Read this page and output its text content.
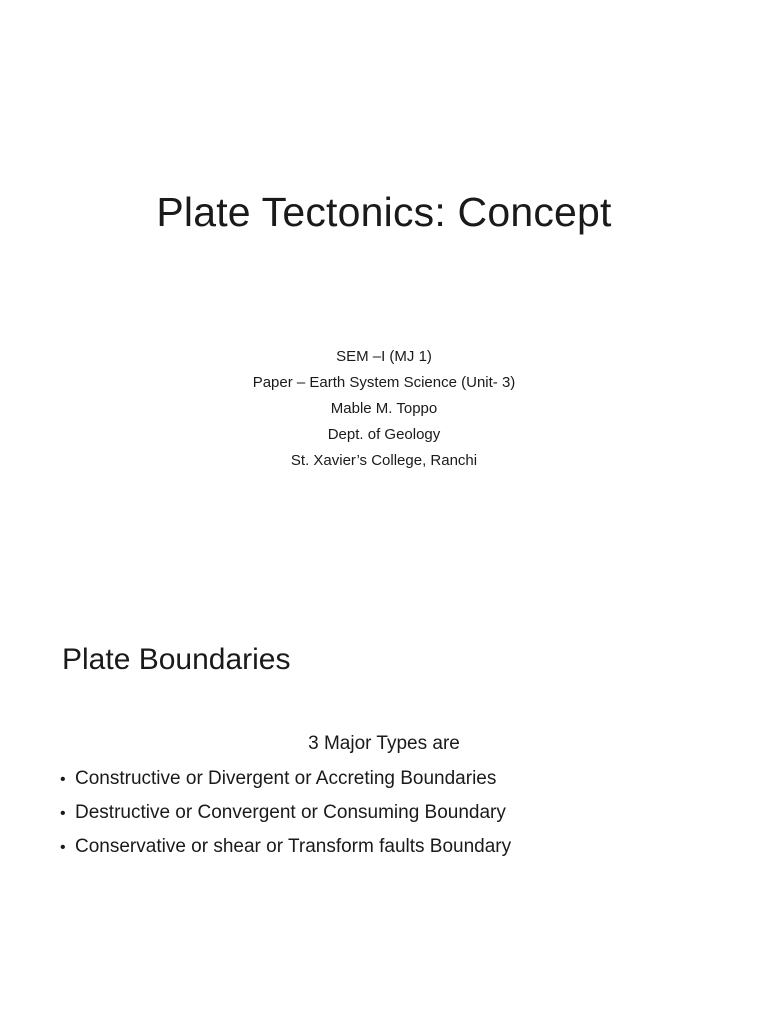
Plate Tectonics: Concept
SEM –I (MJ 1)
Paper – Earth System Science (Unit- 3)
Mable M. Toppo
Dept. of Geology
St. Xavier’s College, Ranchi
Plate Boundaries
3 Major Types are
• Constructive or Divergent or Accreting Boundaries
• Destructive or Convergent or Consuming Boundary
• Conservative or shear or Transform faults Boundary
